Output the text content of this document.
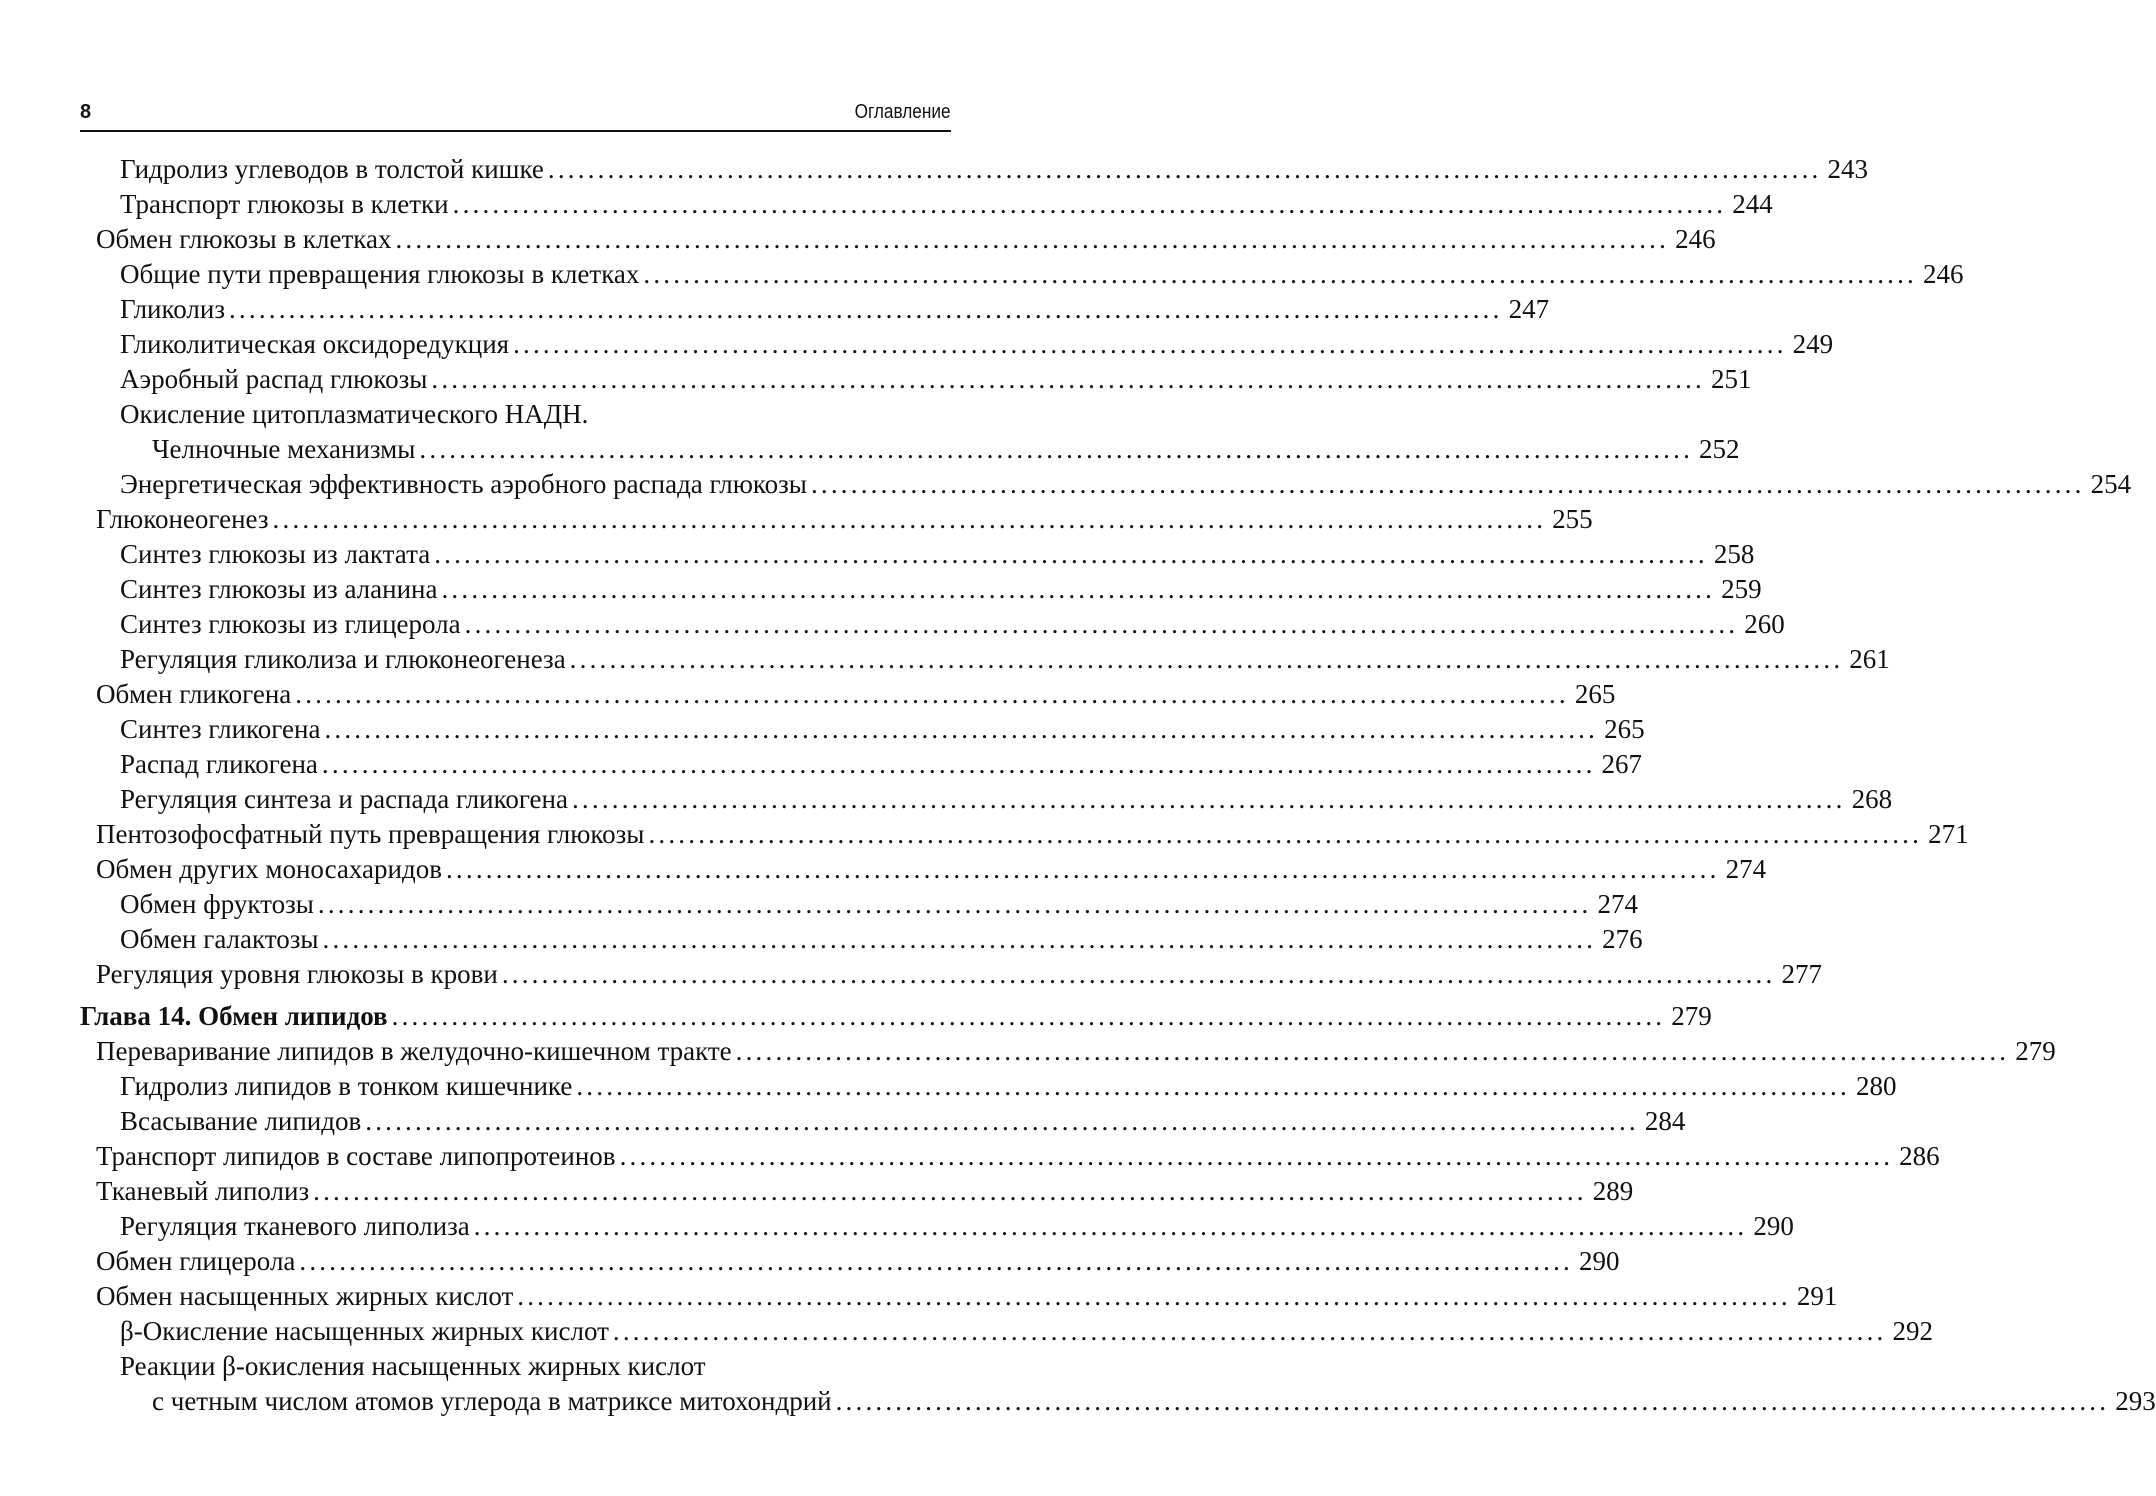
8	Оглавление
Гидролиз углеводов в толстой кишке ................................................................................................................................ 243
Транспорт глюкозы в клетки ................................................................................................................................ 244
Обмен глюкозы в клетках ................................................................................................................................ 246
Общие пути превращения глюкозы в клетках ................................................................................................................................ 246
Гликолиз ................................................................................................................................ 247
Гликолитическая оксидоредукция ................................................................................................................................ 249
Аэробный распад глюкозы ................................................................................................................................ 251
Окисление цитоплазматического НАДН.
Челночные механизмы ................................................................................................................................ 252
Энергетическая эффективность аэробного распада глюкозы ................................................................................................................................ 254
Глюконеогенез ................................................................................................................................ 255
Синтез глюкозы из лактата ................................................................................................................................ 258
Синтез глюкозы из аланина ................................................................................................................................ 259
Синтез глюкозы из глицерола ................................................................................................................................ 260
Регуляция гликолиза и глюконеогенеза ................................................................................................................................ 261
Обмен гликогена ................................................................................................................................ 265
Синтез гликогена ................................................................................................................................ 265
Распад гликогена ................................................................................................................................ 267
Регуляция синтеза и распада гликогена ................................................................................................................................ 268
Пентозофосфатный путь превращения глюкозы ................................................................................................................................ 271
Обмен других моносахаридов ................................................................................................................................ 274
Обмен фруктозы ................................................................................................................................ 274
Обмен галактозы ................................................................................................................................ 276
Регуляция уровня глюкозы в крови ................................................................................................................................ 277
Глава 14. Обмен липидов ................................................................................................................................ 279
Переваривание липидов в желудочно-кишечном тракте ................................................................................................................................ 279
Гидролиз липидов в тонком кишечнике ................................................................................................................................ 280
Всасывание липидов ................................................................................................................................ 284
Транспорт липидов в составе липопротеинов ................................................................................................................................ 286
Тканевый липолиз ................................................................................................................................ 289
Регуляция тканевого липолиза ................................................................................................................................ 290
Обмен глицерола ................................................................................................................................ 290
Обмен насыщенных жирных кислот ................................................................................................................................ 291
β-Окисление насыщенных жирных кислот ................................................................................................................................ 292
Реакции β-окисления насыщенных жирных кислот
с четным числом атомов углерода в матриксе митохондрий ................................................................................................................................ 293
